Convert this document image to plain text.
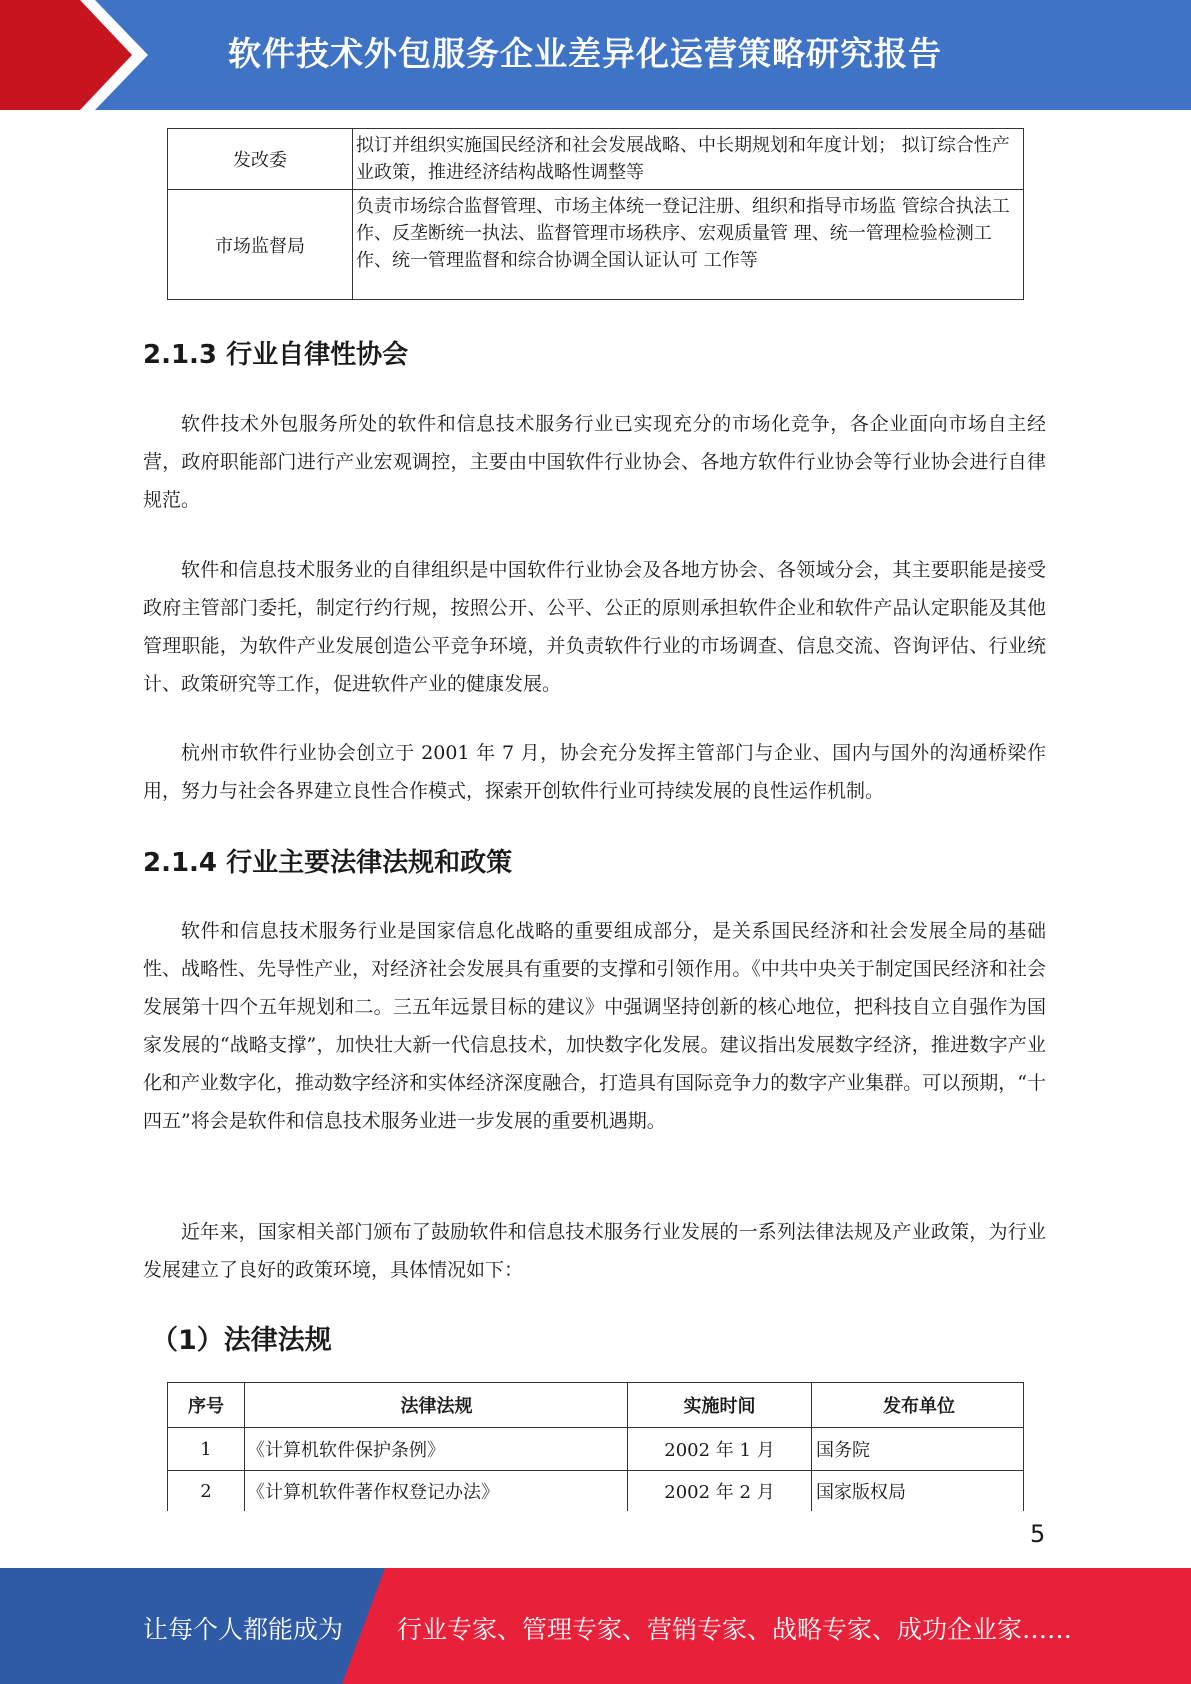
软件技术外包服务企业差异化运营策略研究报告
发改委	拟订并组织实施国民经济和社会发展战略、中长期规划和年度计划； 拟订综合性产业政策，推进经济结构战略性调整等
市场监督局	负责市场综合监督管理、市场主体统一登记注册、组织和指导市场监 管综合执法工作、反垄断统一执法、监督管理市场秩序、宏观质量管 理、统一管理检验检测工作、统一管理监督和综合协调全国认证认可 工作等
2.1.3 行业自律性协会

软件技术外包服务所处的软件和信息技术服务行业已实现充分的市场化竞争，各企业面向市场自主经营，政府职能部门进行产业宏观调控，主要由中国软件行业协会、各地方软件行业协会等行业协会进行自律规范。

软件和信息技术服务业的自律组织是中国软件行业协会及各地方协会、各领域分会，其主要职能是接受政府主管部门委托，制定行约行规，按照公开、公平、公正的原则承担软件企业和软件产品认定职能及其他管理职能，为软件产业发展创造公平竞争环境，并负责软件行业的市场调查、信息交流、咨询评估、行业统计、政策研究等工作，促进软件产业的健康发展。

杭州市软件行业协会创立于 2001 年 7 月，协会充分发挥主管部门与企业、国内与国外的沟通桥梁作用，努力与社会各界建立良性合作模式，探索开创软件行业可持续发展的良性运作机制。

2.1.4 行业主要法律法规和政策

软件和信息技术服务行业是国家信息化战略的重要组成部分，是关系国民经济和社会发展全局的基础性、战略性、先导性产业，对经济社会发展具有重要的支撑和引领作用。《中共中央关于制定国民经济和社会发展第十四个五年规划和二。三五年远景目标的建议》中强调坚持创新的核心地位，把科技自立自强作为国家发展的“战略支撑”，加快壮大新一代信息技术，加快数字化发展。建议指出发展数字经济，推进数字产业化和产业数字化，推动数字经济和实体经济深度融合，打造具有国际竞争力的数字产业集群。可以预期，“十四五”将会是软件和信息技术服务业进一步发展的重要机遇期。

近年来，国家相关部门颁布了鼓励软件和信息技术服务行业发展的一系列法律法规及产业政策，为行业发展建立了良好的政策环境，具体情况如下：

（1）法律法规
序号	法律法规	实施时间	发布单位
1	《计算机软件保护条例》	2002 年 1 月	国务院
2	《计算机软件著作权登记办法》	2002 年 2 月	国家版权局
5
让每个人都能成为 行业专家、管理专家、营销专家、战略专家、成功企业家……
